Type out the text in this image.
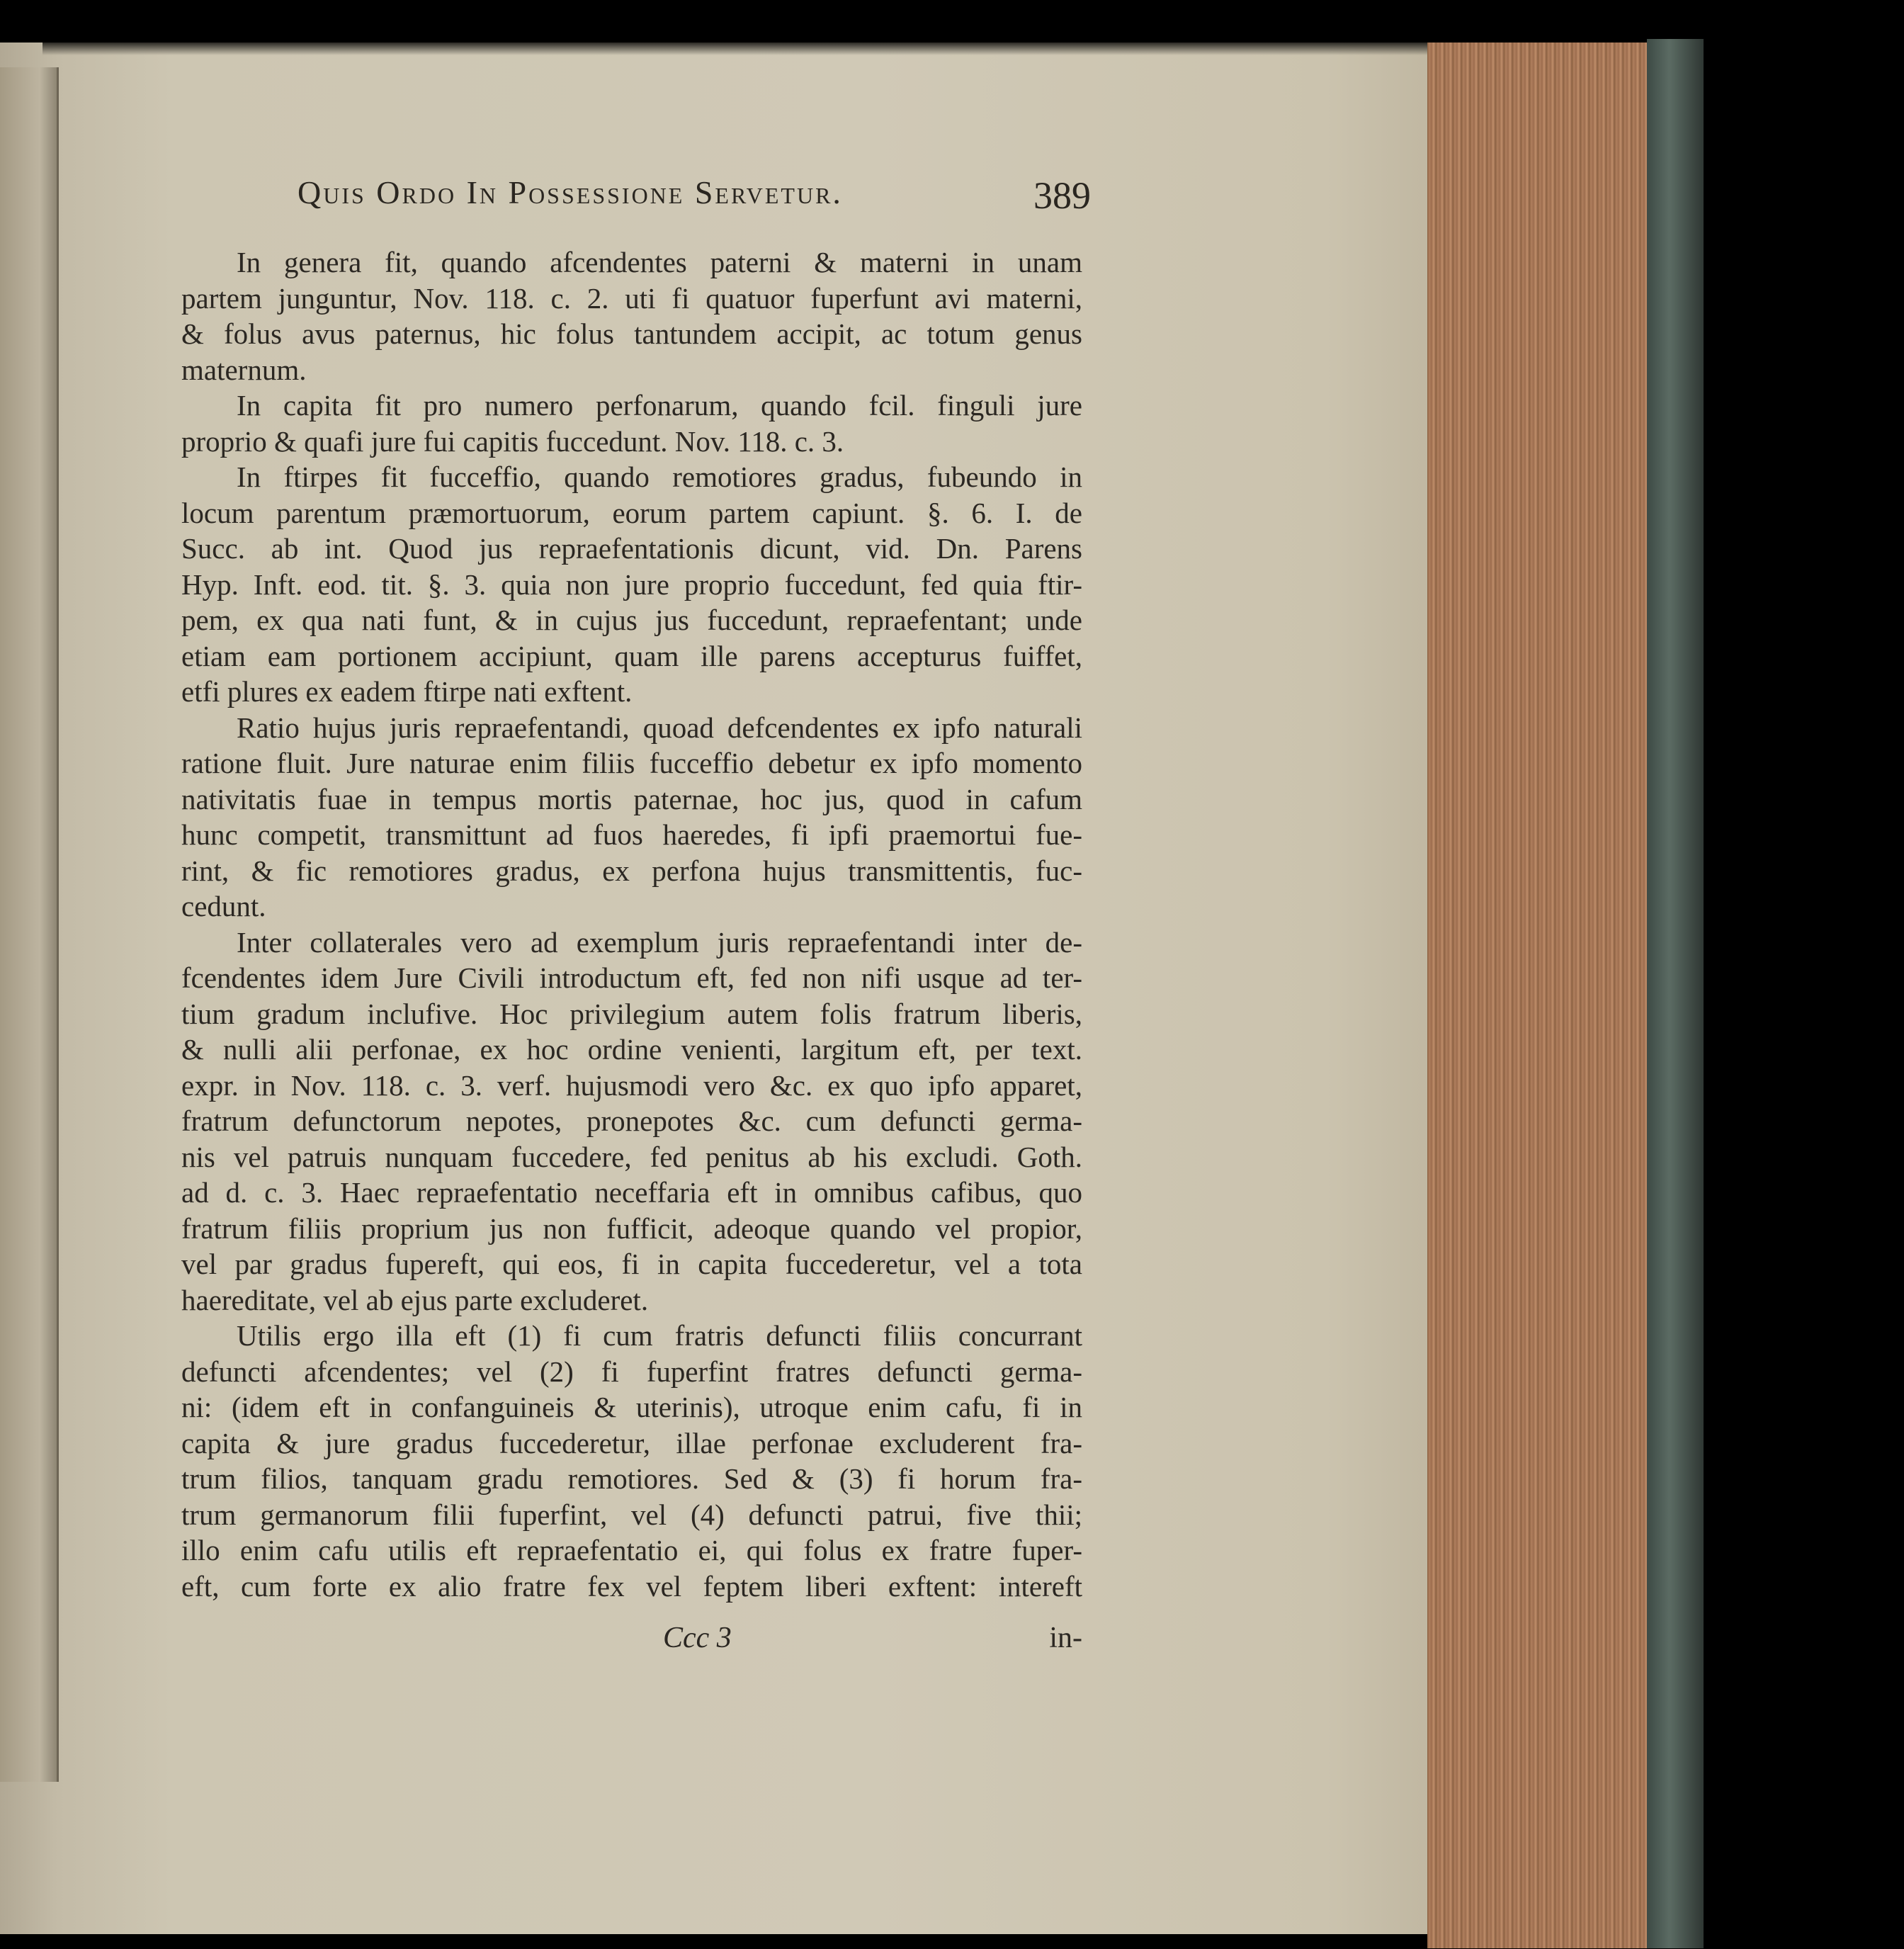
Quis Ordo In Possessione Servetur.	389
In genera fit, quando afcendentes paterni & materni in unam
partem junguntur, Nov. 118. c. 2. uti fi quatuor fuperfunt avi materni,
& folus avus paternus, hic folus tantundem accipit, ac totum genus
maternum.
In capita fit pro numero perfonarum, quando fcil. finguli jure
proprio & quafi jure fui capitis fuccedunt. Nov. 118. c. 3.
In ftirpes fit fucceffio, quando remotiores gradus, fubeundo in
locum parentum præmortuorum, eorum partem capiunt. §. 6. I. de
Succ. ab int. Quod jus repraefentationis dicunt, vid. Dn. Parens
Hyp. Inft. eod. tit. §. 3. quia non jure proprio fuccedunt, fed quia ftir-
pem, ex qua nati funt, & in cujus jus fuccedunt, repraefentant; unde
etiam eam portionem accipiunt, quam ille parens accepturus fuiffet,
etfi plures ex eadem ftirpe nati exftent.
Ratio hujus juris repraefentandi, quoad defcendentes ex ipfo naturali
ratione fluit. Jure naturae enim filiis fucceffio debetur ex ipfo momento
nativitatis fuae in tempus mortis paternae, hoc jus, quod in cafum
hunc competit, transmittunt ad fuos haeredes, fi ipfi praemortui fue-
rint, & fic remotiores gradus, ex perfona hujus transmittentis, fuc-
cedunt.
Inter collaterales vero ad exemplum juris repraefentandi inter de-
fcendentes idem Jure Civili introductum eft, fed non nifi usque ad ter-
tium gradum inclufive. Hoc privilegium autem folis fratrum liberis,
& nulli alii perfonae, ex hoc ordine venienti, largitum eft, per text.
expr. in Nov. 118. c. 3. verf. hujusmodi vero &c. ex quo ipfo apparet,
fratrum defunctorum nepotes, pronepotes &c. cum defuncti germa-
nis vel patruis nunquam fuccedere, fed penitus ab his excludi. Goth.
ad d. c. 3. Haec repraefentatio neceffaria eft in omnibus cafibus, quo
fratrum filiis proprium jus non fufficit, adeoque quando vel propior,
vel par gradus fupereft, qui eos, fi in capita fuccederetur, vel a tota
haereditate, vel ab ejus parte excluderet.
Utilis ergo illa eft (1) fi cum fratris defuncti filiis concurrant
defuncti afcendentes; vel (2) fi fuperfint fratres defuncti germa-
ni: (idem eft in confanguineis & uterinis), utroque enim cafu, fi in
capita & jure gradus fuccederetur, illae perfonae excluderent fra-
trum filios, tanquam gradu remotiores. Sed & (3) fi horum fra-
trum germanorum filii fuperfint, vel (4) defuncti patrui, five thii;
illo enim cafu utilis eft repraefentatio ei, qui folus ex fratre fuper-
eft, cum forte ex alio fratre fex vel feptem liberi exftent: intereft
Ccc 3	in-
